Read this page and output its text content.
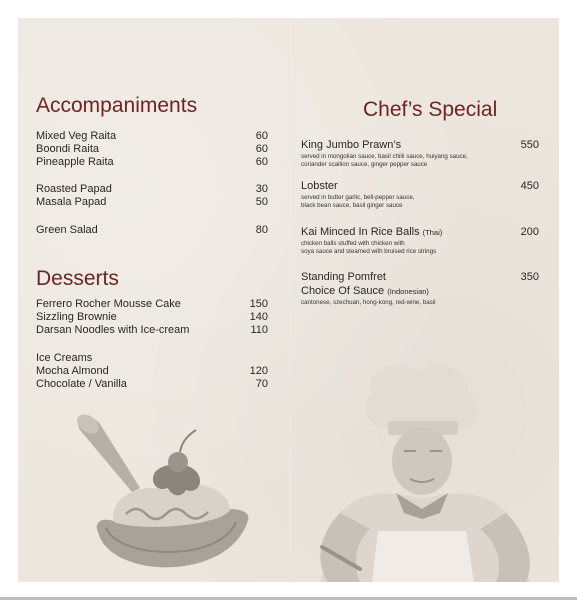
Accompaniments
Mixed Veg Raita	60
Boondi Raita	60
Pineapple Raita	60
Roasted Papad	30
Masala Papad	50
Green Salad	80
Desserts
Ferrero Rocher Mousse Cake	150
Sizzling Brownie	140
Darsan Noodles with Ice-cream	110
Ice Creams
Mocha Almond	120
Chocolate / Vanilla	70
Chef’s Special
King Jumbo Prawn’s	550
served in mongolian sauce, basil chilli sauce, huiyang sauce,
coriander scallion sauce, ginger pepper sauce
Lobster	450
served in butter garlic, bell-pepper sauce,
black bean sauce, basil ginger sauce
Kai Minced In Rice Balls (Thai)	200
chicken balls stuffed with chicken with
soya sauce and steamed with bruised rice strings
Standing Pomfret	350
Choice Of Sauce (Indonesian)
cantonese, szechuan, hong-kong, red-wine, basil
